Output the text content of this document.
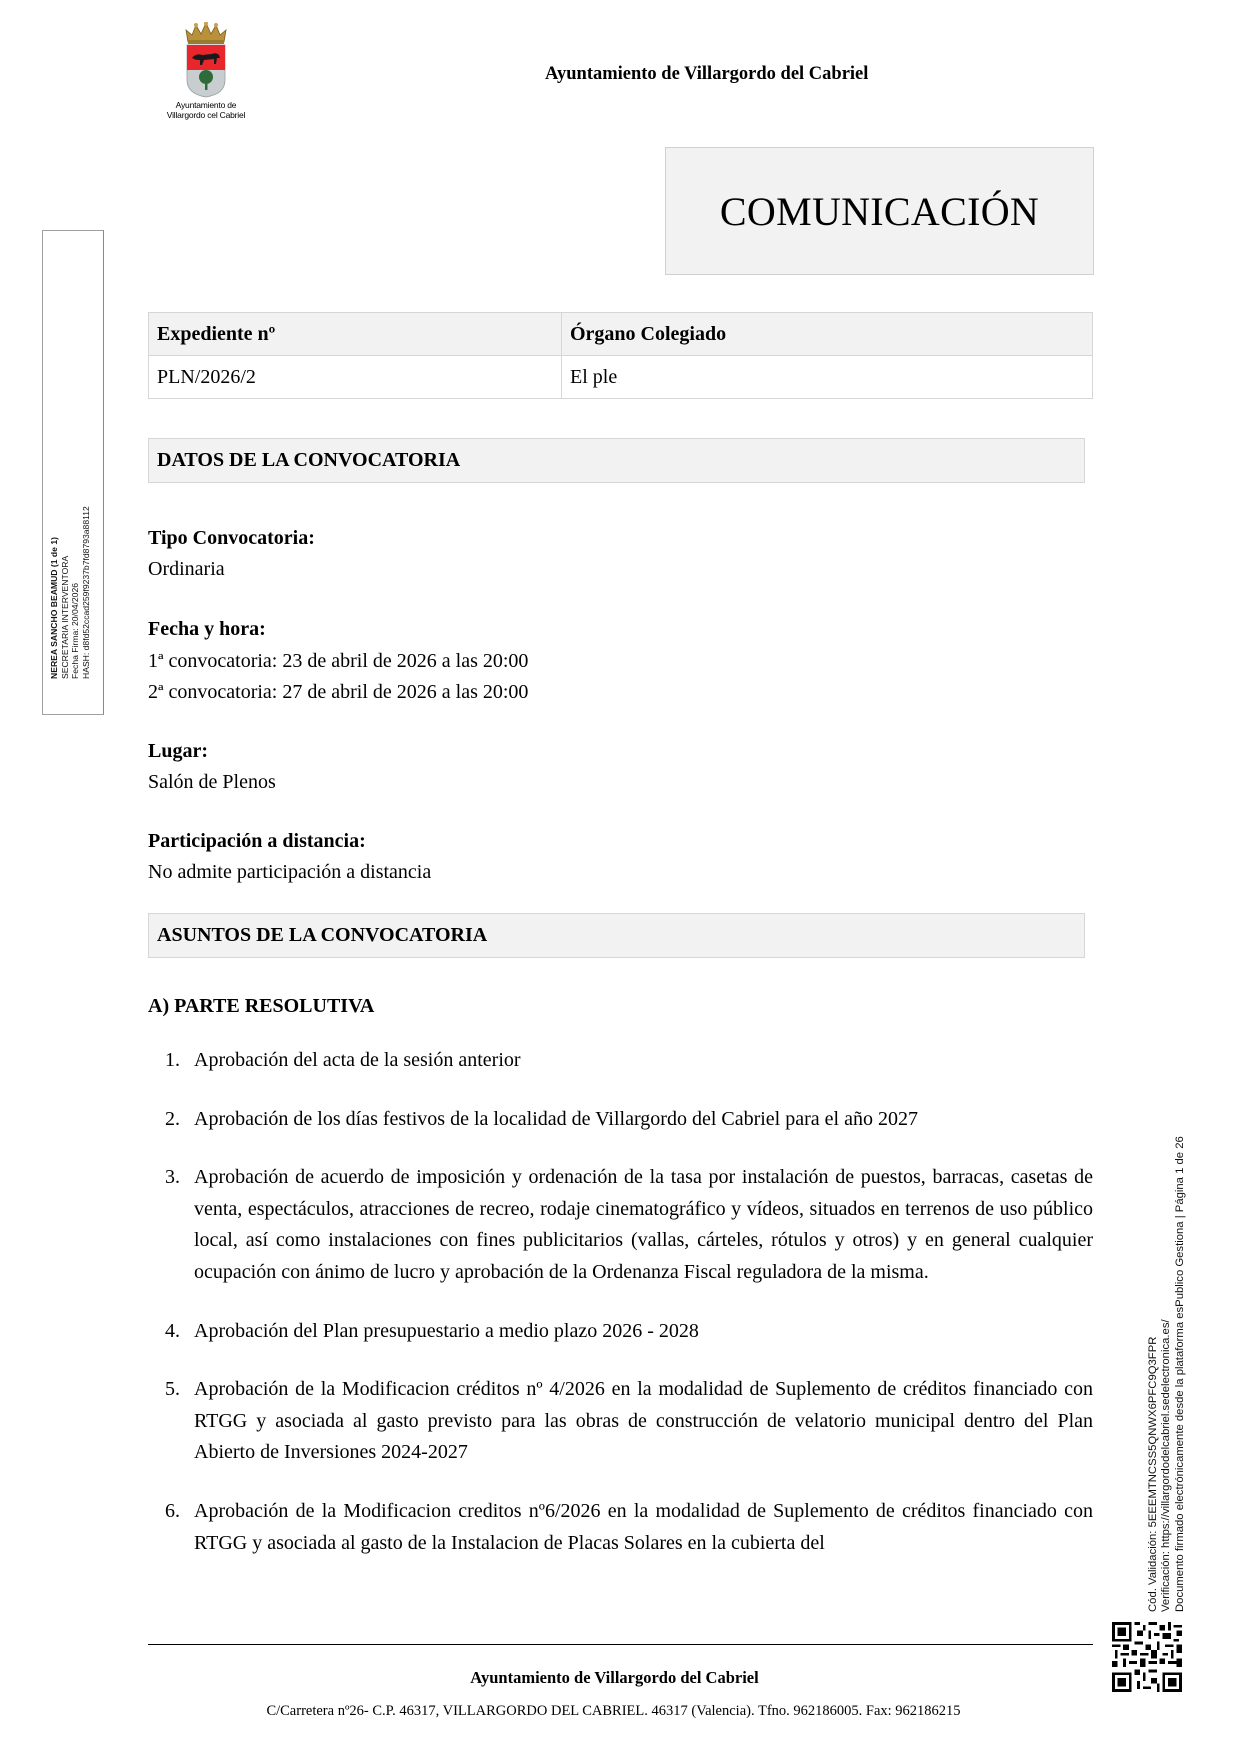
Ayuntamiento de
Villargordo cel Cabriel
Ayuntamiento de Villargordo del Cabriel
COMUNICACIÓN
NEREA SANCHO BEAMUD (1 de 1) SECRETARIA INTERVENTORA Fecha Firma: 20/04/2026 HASH: d8fd52ccad259f9237b7fd8793a88112
Expediente nº	Órgano Colegiado
PLN/2026/2	El ple
DATOS DE LA CONVOCATORIA
Tipo Convocatoria:
Ordinaria
Fecha y hora:
1ª convocatoria: 23 de abril de 2026 a las 20:00
2ª convocatoria: 27 de abril de 2026 a las 20:00
Lugar:
Salón de Plenos
Participación a distancia:
No admite participación a distancia
ASUNTOS DE LA CONVOCATORIA
A) PARTE RESOLUTIVA
1. Aprobación del acta de la sesión anterior
2. Aprobación de los días festivos de la localidad de Villargordo del Cabriel para el año 2027
3. Aprobación de acuerdo de imposición y ordenación de la tasa por instalación de puestos, barracas, casetas de venta, espectáculos, atracciones de recreo, rodaje cinematográfico y vídeos, situados en terrenos de uso público local, así como instalaciones con fines publicitarios (vallas, cárteles, rótulos y otros) y en general cualquier ocupación con ánimo de lucro y aprobación de la Ordenanza Fiscal reguladora de la misma.
4. Aprobación del Plan presupuestario a medio plazo 2026 - 2028
5. Aprobación de la Modificacion créditos nº 4/2026 en la modalidad de Suplemento de créditos financiado con RTGG y asociada al gasto previsto para las obras de construcción de velatorio municipal dentro del Plan Abierto de Inversiones 2024-2027
6. Aprobación de la Modificacion creditos nº6/2026 en la modalidad de Suplemento de créditos financiado con RTGG y asociada al gasto de la Instalacion de Placas Solares en la cubierta del
Ayuntamiento de Villargordo del Cabriel
C/Carretera nº26- C.P. 46317, VILLARGORDO DEL CABRIEL. 46317 (Valencia). Tfno. 962186005. Fax: 962186215
Cód. Validación: 5EEEMTNCSS5QNWX6PFC9Q3FPR Verificación: https://villargordodelcabriel.sedelectronica.es/ Documento firmado electrónicamente desde la plataforma esPublico Gestiona | Página 1 de 26
